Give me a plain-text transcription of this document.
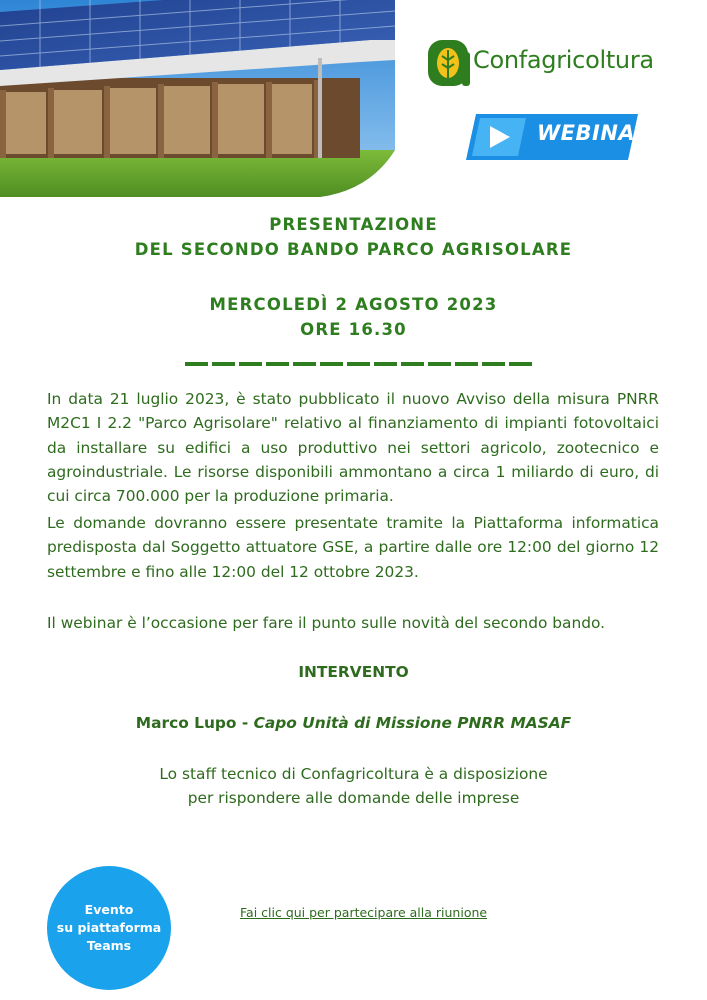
Confagricoltura
WEBINAR
PRESENTAZIONE
DEL SECONDO BANDO PARCO AGRISOLARE
MERCOLEDÌ 2 AGOSTO 2023
ORE 16.30
In data 21 luglio 2023, è stato pubblicato il nuovo Avviso della misura PNRR M2C1 I 2.2 "Parco Agrisolare" relativo al finanziamento di impianti fotovoltaici da installare su edifici a uso produttivo nei settori agricolo, zootecnico e agroindustriale. Le risorse disponibili ammontano a circa 1 miliardo di euro, di cui circa 700.000 per la produzione primaria.
Le domande dovranno essere presentate tramite la Piattaforma informatica predisposta dal Soggetto attuatore GSE, a partire dalle ore 12:00 del giorno 12 settembre e fino alle 12:00 del 12 ottobre 2023.
Il webinar è l’occasione per fare il punto sulle novità del secondo bando.
INTERVENTO
Marco Lupo - Capo Unità di Missione PNRR MASAF
Lo staff tecnico di Confagricoltura è a disposizione
per rispondere alle domande delle imprese
Evento
su piattaforma
Teams
Fai clic qui per partecipare alla riunione
